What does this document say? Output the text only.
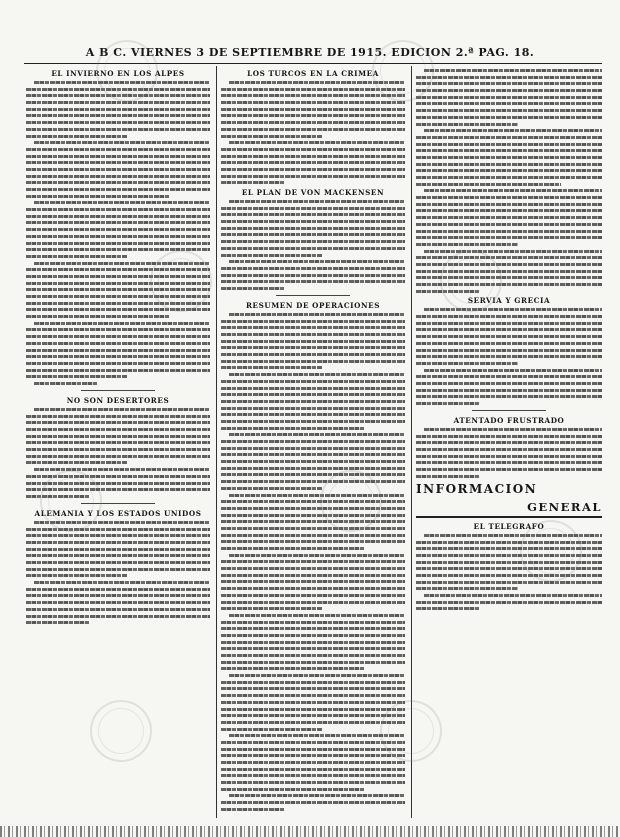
A B C. VIERNES 3 DE SEPTIEMBRE DE 1915. EDICION 2.ª PAG. 18.
EL INVIERNO EN LOS ALPES
NO SON DESERTORES
ALEMANIA Y LOS ESTADOS UNIDOS
LOS TURCOS EN LA CRIMEA
EL PLAN DE VON MACKENSEN
RESUMEN DE OPERACIONES
SERVIA Y GRECIA
ATENTADO FRUSTRADO
INFORMACION
GENERAL
EL TELEGRAFO
